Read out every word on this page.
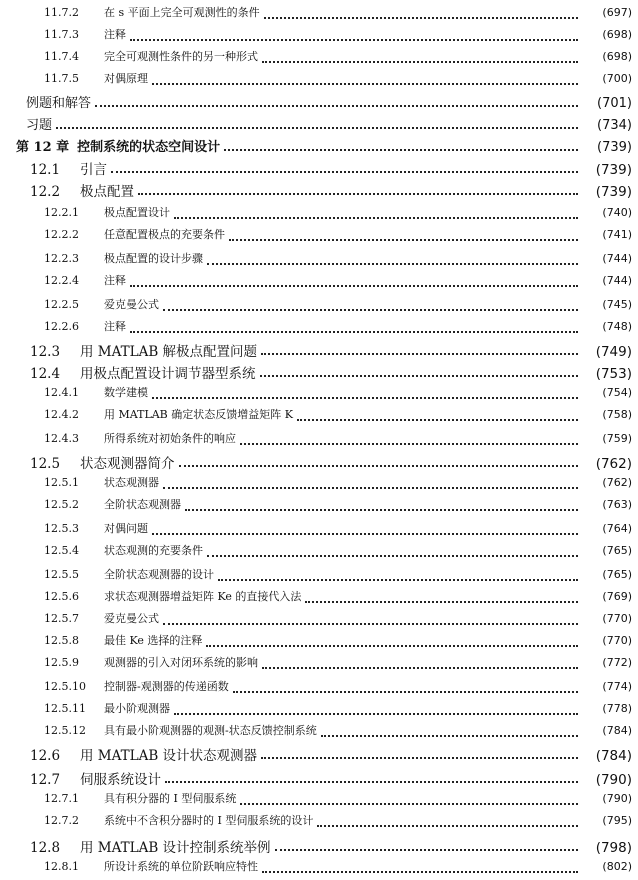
11.7.2	在 s 平面上完全可观测性的条件	(697)
11.7.3	注释	(698)
11.7.4	完全可观测性条件的另一种形式	(698)
11.7.5	对偶原理	(700)
例题和解答	(701)
习题	(734)
第 12 章 控制系统的状态空间设计	(739)
12.1	引言	(739)
12.2	极点配置	(739)
12.2.1	极点配置设计	(740)
12.2.2	任意配置极点的充要条件	(741)
12.2.3	极点配置的设计步骤	(744)
12.2.4	注释	(744)
12.2.5	爱克曼公式	(745)
12.2.6	注释	(748)
12.3	用 MATLAB 解极点配置问题	(749)
12.4	用极点配置设计调节器型系统	(753)
12.4.1	数学建模	(754)
12.4.2	用 MATLAB 确定状态反馈增益矩阵 K	(758)
12.4.3	所得系统对初始条件的响应	(759)
12.5	状态观测器简介	(762)
12.5.1	状态观测器	(762)
12.5.2	全阶状态观测器	(763)
12.5.3	对偶问题	(764)
12.5.4	状态观测的充要条件	(765)
12.5.5	全阶状态观测器的设计	(765)
12.5.6	求状态观测器增益矩阵 Ke 的直接代入法	(769)
12.5.7	爱克曼公式	(770)
12.5.8	最佳 Ke 选择的注释	(770)
12.5.9	观测器的引入对闭环系统的影响	(772)
12.5.10	控制器-观测器的传递函数	(774)
12.5.11	最小阶观测器	(778)
12.5.12	具有最小阶观测器的观测-状态反馈控制系统	(784)
12.6	用 MATLAB 设计状态观测器	(784)
12.7	伺服系统设计	(790)
12.7.1	具有积分器的 I 型伺服系统	(790)
12.7.2	系统中不含积分器时的 I 型伺服系统的设计	(795)
12.8	用 MATLAB 设计控制系统举例	(798)
12.8.1	所设计系统的单位阶跃响应特性	(802)
